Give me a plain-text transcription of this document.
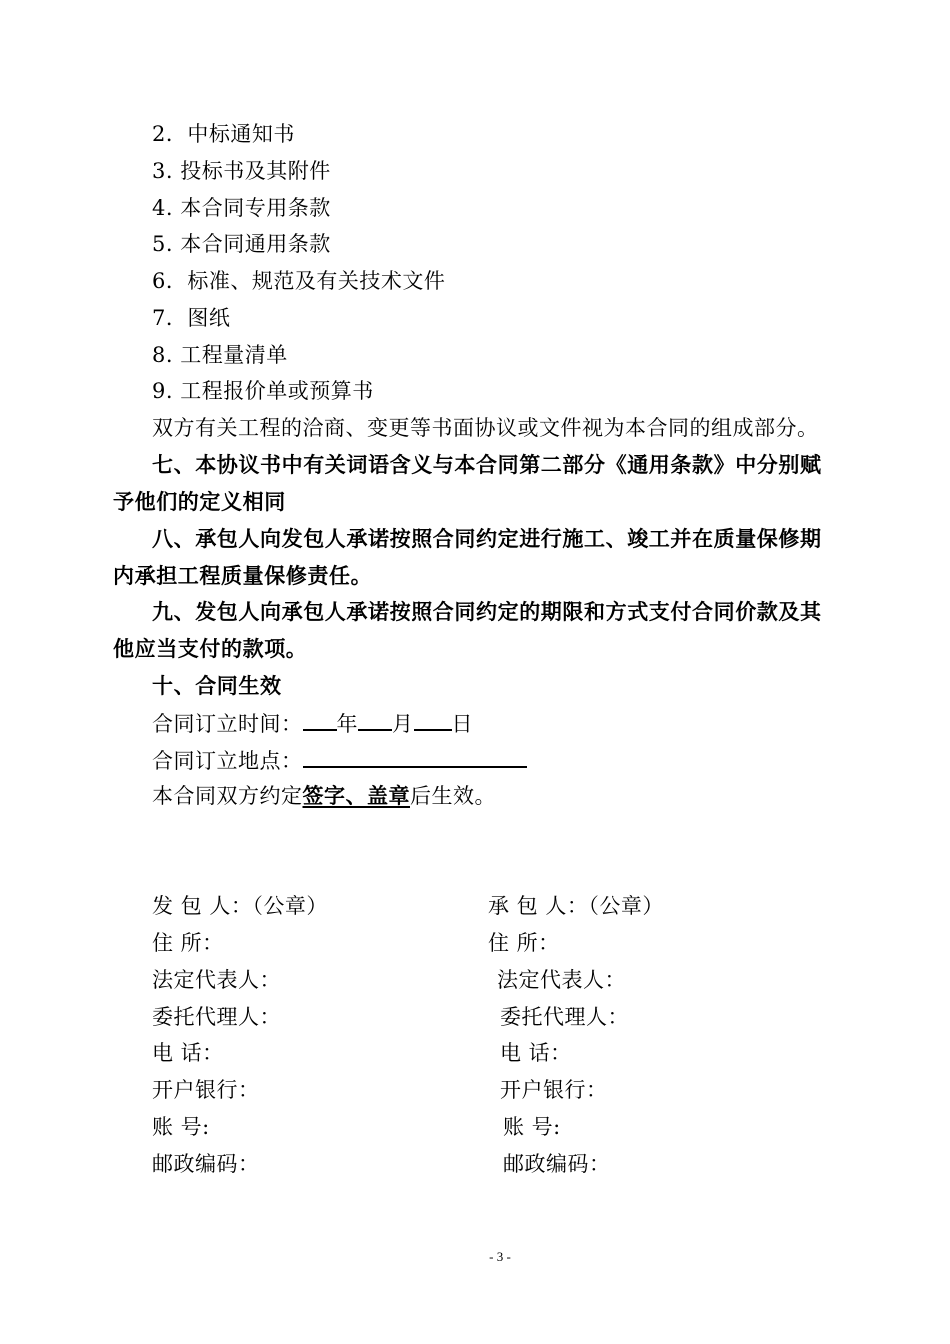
2．中标通知书
3. 投标书及其附件
4. 本合同专用条款
5. 本合同通用条款
6．标准、规范及有关技术文件
7．图纸
8. 工程量清单
9. 工程报价单或预算书
双方有关工程的洽商、变更等书面协议或文件视为本合同的组成部分。
七、本协议书中有关词语含义与本合同第二部分《通用条款》中分别赋
予他们的定义相同
八、承包人向发包人承诺按照合同约定进行施工、竣工并在质量保修期
内承担工程质量保修责任。
九、发包人向承包人承诺按照合同约定的期限和方式支付合同价款及其
他应当支付的款项。
十、合同生效
合同订立时间： 年 月 日
合同订立地点：
本合同双方约定签字、盖章后生效。
发 包 人：（公章）
住 所：
法定代表人：
委托代理人：
电 话：
开户银行：
账 号:
邮政编码：
承 包 人：（公章）
住 所：
法定代表人：
委托代理人：
电 话：
开户银行：
账 号:
邮政编码：
- 3 -
